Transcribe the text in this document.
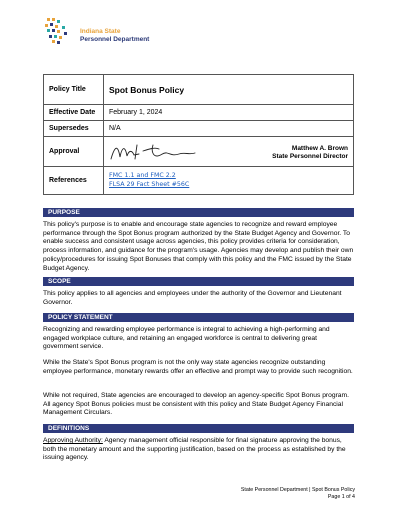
Indiana State
Personnel Department
Policy Title	Spot Bonus Policy
Effective Date	February 1, 2024
Supersedes	N/A
Approval	Matthew A. Brown
State Personnel Director

References	FMC 1.1 and FMC 2.2
FLSA 29 Fact Sheet #56C
PURPOSE
This policy's purpose is to enable and encourage state agencies to recognize and reward employee performance through the Spot Bonus program authorized by the State Budget Agency and Governor. To enable success and consistent usage across agencies, this policy provides criteria for consideration, process information, and guidance for the program's usage. Agencies may develop and publish their own policy/procedures for issuing Spot Bonuses that comply with this policy and the FMC issued by the State Budget Agency.
SCOPE
This policy applies to all agencies and employees under the authority of the Governor and Lieutenant Governor.
POLICY STATEMENT
Recognizing and rewarding employee performance is integral to achieving a high-performing and engaged workplace culture, and retaining an engaged workforce is central to delivering great government service.
While the State's Spot Bonus program is not the only way state agencies recognize outstanding employee performance, monetary rewards offer an effective and prompt way to provide such recognition.
While not required, State agencies are encouraged to develop an agency-specific Spot Bonus program. All agency Spot Bonus policies must be consistent with this policy and State Budget Agency Financial Management Circulars.
DEFINITIONS
Approving Authority: Agency management official responsible for final signature approving the bonus, both the monetary amount and the supporting justification, based on the process as established by the issuing agency.
State Personnel Department | Spot Bonus Policy
Page 1 of 4
